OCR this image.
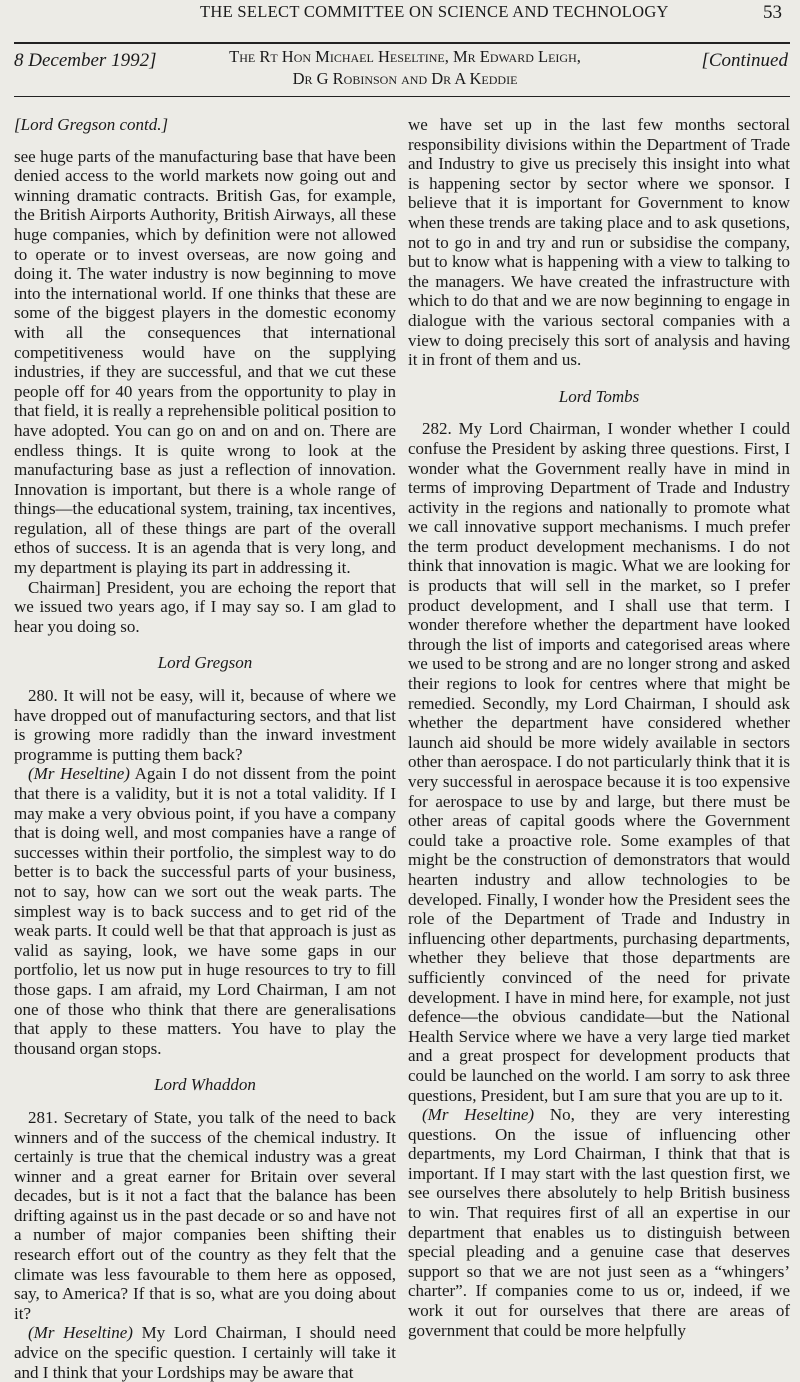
THE SELECT COMMITTEE ON SCIENCE AND TECHNOLOGY	53
8 December 1992]	The Rt Hon Michael Heseltine, Mr Edward Leigh,
Dr G Robinson and Dr A Keddie
[Continued
[Lord Gregson contd.]

see huge parts of the manufacturing base that have been denied access to the world markets now going out and winning dramatic contracts. British Gas, for example, the British Airports Authority, British Airways, all these huge companies, which by definition were not allowed to operate or to invest overseas, are now going and doing it. The water industry is now beginning to move into the international world. If one thinks that these are some of the biggest players in the domestic economy with all the consequences that international competitiveness would have on the supplying industries, if they are successful, and that we cut these people off for 40 years from the opportunity to play in that field, it is really a reprehensible political position to have adopted. You can go on and on and on. There are endless things. It is quite wrong to look at the manufacturing base as just a reflection of innovation. Innovation is important, but there is a whole range of things—the educational system, training, tax incentives, regulation, all of these things are part of the overall ethos of success. It is an agenda that is very long, and my department is playing its part in addressing it.

Chairman] President, you are echoing the report that we issued two years ago, if I may say so. I am glad to hear you doing so.

Lord Gregson

280. It will not be easy, will it, because of where we have dropped out of manufacturing sectors, and that list is growing more radidly than the inward investment programme is putting them back?

(Mr Heseltine) Again I do not dissent from the point that there is a validity, but it is not a total validity. If I may make a very obvious point, if you have a company that is doing well, and most companies have a range of successes within their portfolio, the simplest way to do better is to back the successful parts of your business, not to say, how can we sort out the weak parts. The simplest way is to back success and to get rid of the weak parts. It could well be that that approach is just as valid as saying, look, we have some gaps in our portfolio, let us now put in huge resources to try to fill those gaps. I am afraid, my Lord Chairman, I am not one of those who think that there are generalisations that apply to these matters. You have to play the thousand organ stops.

Lord Whaddon

281. Secretary of State, you talk of the need to back winners and of the success of the chemical industry. It certainly is true that the chemical industry was a great winner and a great earner for Britain over several decades, but is it not a fact that the balance has been drifting against us in the past decade or so and have not a number of major companies been shifting their research effort out of the country as they felt that the climate was less favourable to them here as opposed, say, to America? If that is so, what are you doing about it?

(Mr Heseltine) My Lord Chairman, I should need advice on the specific question. I certainly will take it and I think that your Lordships may be aware that

we have set up in the last few months sectoral responsibility divisions within the Department of Trade and Industry to give us precisely this insight into what is happening sector by sector where we sponsor. I believe that it is important for Government to know when these trends are taking place and to ask qusetions, not to go in and try and run or subsidise the company, but to know what is happening with a view to talking to the managers. We have created the infrastructure with which to do that and we are now beginning to engage in dialogue with the various sectoral companies with a view to doing precisely this sort of analysis and having it in front of them and us.

Lord Tombs

282. My Lord Chairman, I wonder whether I could confuse the President by asking three questions. First, I wonder what the Government really have in mind in terms of improving Department of Trade and Industry activity in the regions and nationally to promote what we call innovative support mechanisms. I much prefer the term product development mechanisms. I do not think that innovation is magic. What we are looking for is products that will sell in the market, so I prefer product development, and I shall use that term. I wonder therefore whether the department have looked through the list of imports and categorised areas where we used to be strong and are no longer strong and asked their regions to look for centres where that might be remedied. Secondly, my Lord Chairman, I should ask whether the department have considered whether launch aid should be more widely available in sectors other than aerospace. I do not particularly think that it is very successful in aerospace because it is too expensive for aerospace to use by and large, but there must be other areas of capital goods where the Government could take a proactive role. Some examples of that might be the construction of demonstrators that would hearten industry and allow technologies to be developed. Finally, I wonder how the President sees the role of the Department of Trade and Industry in influencing other departments, purchasing departments, whether they believe that those departments are sufficiently convinced of the need for private development. I have in mind here, for example, not just defence—the obvious candidate—but the National Health Service where we have a very large tied market and a great prospect for development products that could be launched on the world. I am sorry to ask three questions, President, but I am sure that you are up to it.

(Mr Heseltine) No, they are very interesting questions. On the issue of influencing other departments, my Lord Chairman, I think that that is important. If I may start with the last question first, we see ourselves there absolutely to help British business to win. That requires first of all an expertise in our department that enables us to distinguish between special pleading and a genuine case that deserves support so that we are not just seen as a “whingers’ charter”. If companies come to us or, indeed, if we work it out for ourselves that there are areas of government that could be more helpfully
